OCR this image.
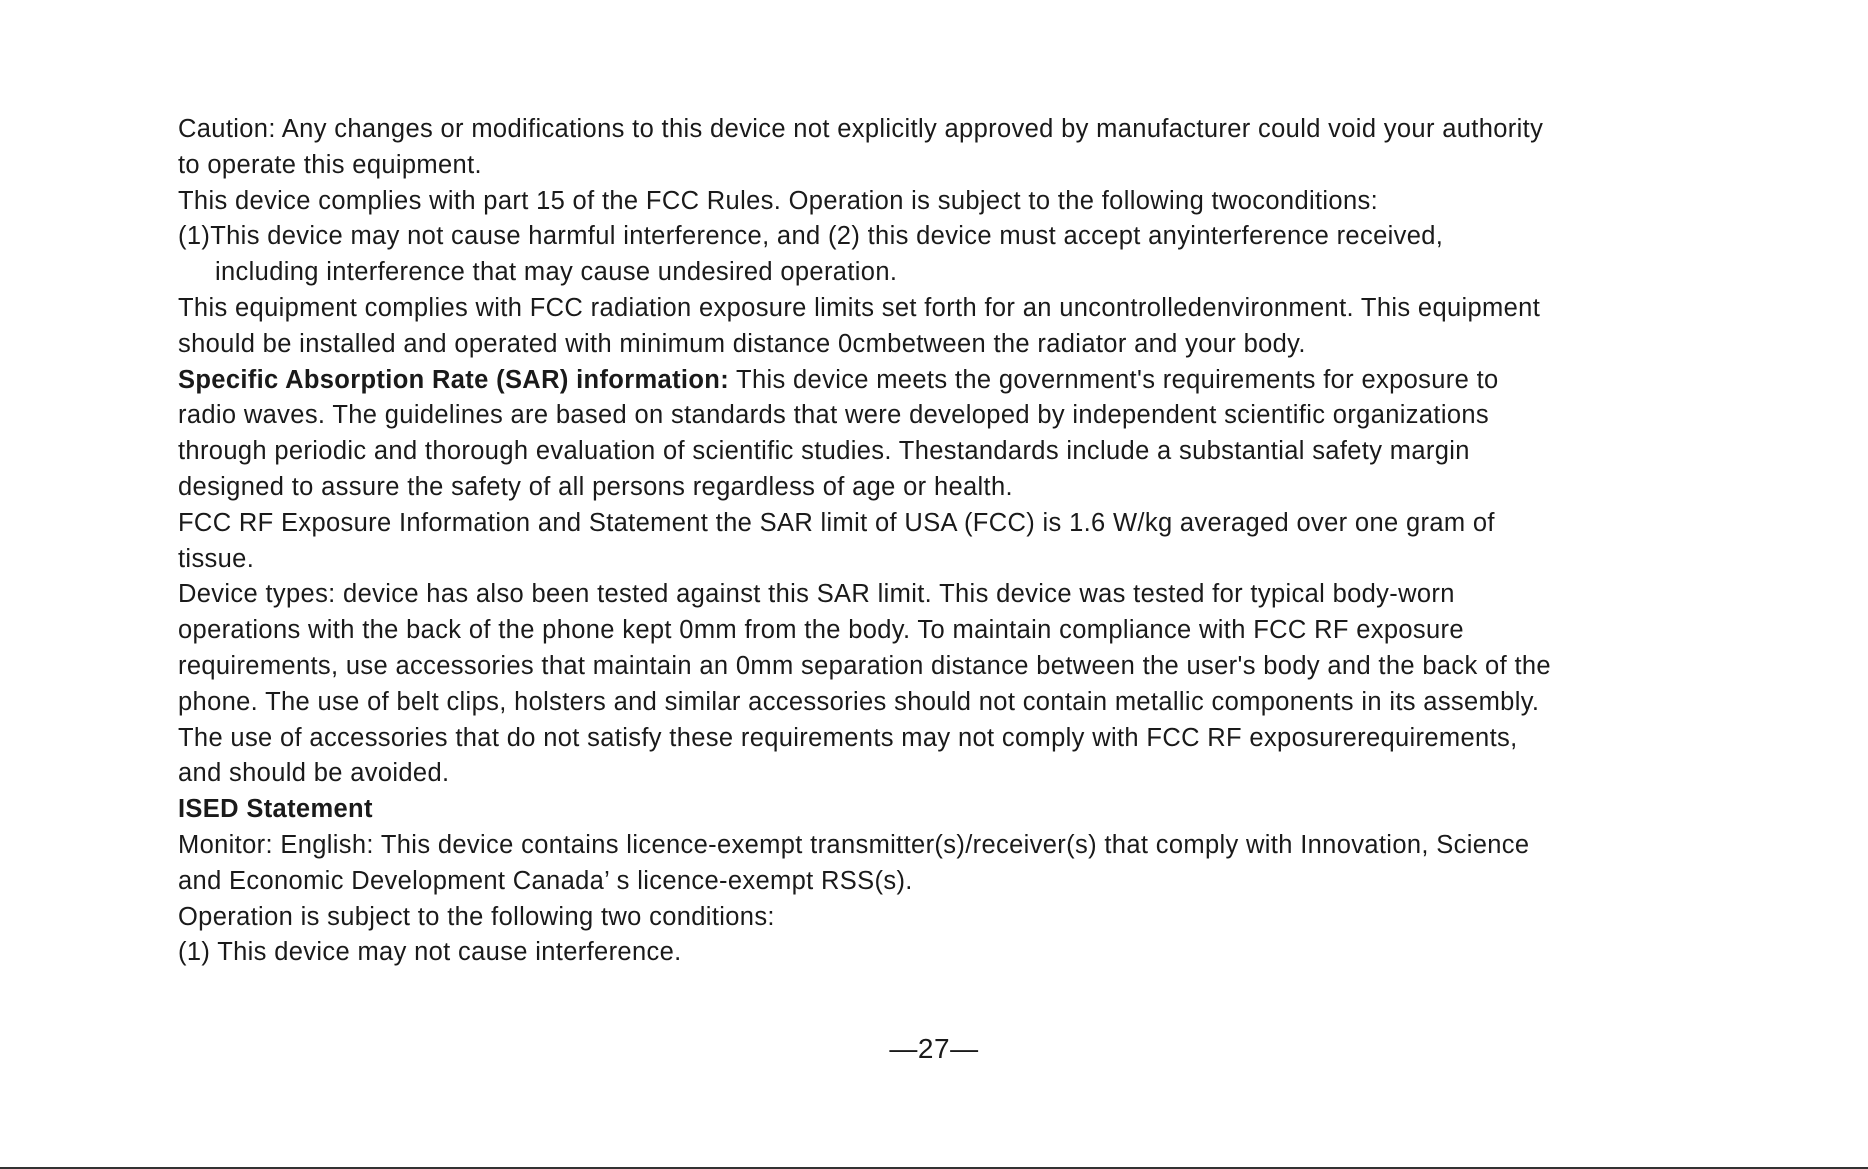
Caution: Any changes or modifications to this device not explicitly approved by manufacturer could void your authority
to operate this equipment.

This device complies with part 15 of the FCC Rules. Operation is subject to the following twoconditions:
(1)This device may not cause harmful interference, and (2) this device must accept anyinterference received,
including interference that may cause undesired operation.

This equipment complies with FCC radiation exposure limits set forth for an uncontrolledenvironment. This equipment
should be installed and operated with minimum distance 0cmbetween the radiator and your body.

Specific Absorption Rate (SAR) information: This device meets the government's requirements for exposure to
radio waves. The guidelines are based on standards that were developed by independent scientific organizations
through periodic and thorough evaluation of scientific studies. Thestandards include a substantial safety margin
designed to assure the safety of all persons regardless of age or health.

FCC RF Exposure Information and Statement the SAR limit of USA (FCC) is 1.6 W/kg averaged over one gram of
tissue.

Device types: device has also been tested against this SAR limit. This device was tested for typical body-worn
operations with the back of the phone kept 0mm from the body. To maintain compliance with FCC RF exposure
requirements, use accessories that maintain an 0mm separation distance between the user's body and the back of the
phone. The use of belt clips, holsters and similar accessories should not contain metallic components in its assembly.
The use of accessories that do not satisfy these requirements may not comply with FCC RF exposurerequirements,
and should be avoided.

ISED Statement
Monitor: English: This device contains licence-exempt transmitter(s)/receiver(s) that comply with Innovation, Science
and Economic Development Canada’ s licence-exempt RSS(s).
Operation is subject to the following two conditions:
(1) This device may not cause interference.

—27—
